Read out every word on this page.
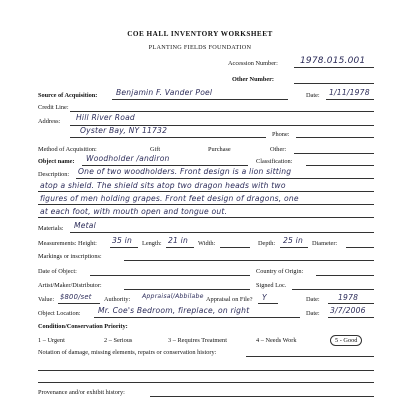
COE HALL INVENTORY WORKSHEET
PLANTING FIELDS FOUNDATION
Accession Number: 1978.015.001
Other Number:
Source of Acquisition: Benjamin F. Vander Poel	Date: 1/11/1978
Credit Line:
Address: Hill River Road
Oyster Bay, NY 11732	Phone:
Method of Acquisition:	Gift	Purchase	Other:
Object name: Woodholder /andiron	Classification:
Description: One of two woodholders. Front design is a lion sitting
atop a shield. The shield sits atop two dragon heads with two
figures of men holding grapes. Front feet design of dragons, one
at each foot, with mouth open and tongue out.
Materials: Metal
Measurements: Height: 35 in Length: 21 in Width:	Depth: 25 in Diameter:
Markings or inscriptions:
Date of Object:	Country of Origin:
Artist/Maker/Distributor:	Signed Loc.
Value: $800/set Authority: Appraisal/Abbilabe Appraisal on File? Y	Date: 1978
Object Location: Mr. Coe's Bedroom, fireplace, on right	Date: 3/7/2006
Condition/Conservation Priority:
1 – Urgent	2 – Serious	3 – Requires Treatment	4 – Needs Work	5 - Good
Notation of damage, missing elements, repairs or conservation history:
Provenance and/or exhibit history:
